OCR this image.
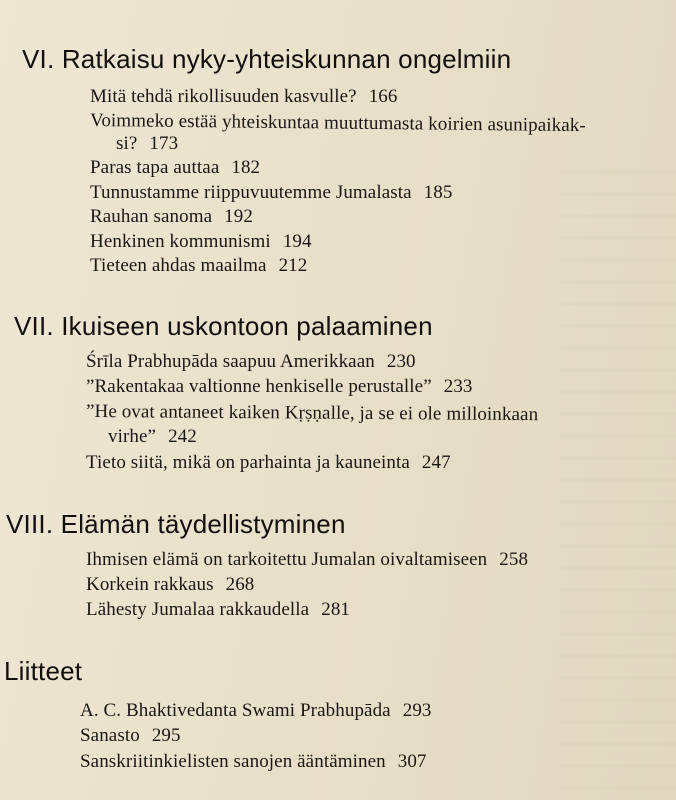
VI. Ratkaisu nyky-yhteiskunnan ongelmiin
Mitä tehdä rikollisuuden kasvulle? 166
Voimmeko estää yhteiskuntaa muuttumasta koirien asunipaikak-
si? 173
Paras tapa auttaa 182
Tunnustamme riippuvuutemme Jumalasta 185
Rauhan sanoma 192
Henkinen kommunismi 194
Tieteen ahdas maailma 212
VII. Ikuiseen uskontoon palaaminen
Śrīla Prabhupāda saapuu Amerikkaan 230
”Rakentakaa valtionne henkiselle perustalle” 233
”He ovat antaneet kaiken Kṛṣṇalle, ja se ei ole milloinkaan
virhe” 242
Tieto siitä, mikä on parhainta ja kauneinta 247
VIII. Elämän täydellistyminen
Ihmisen elämä on tarkoitettu Jumalan oivaltamiseen 258
Korkein rakkaus 268
Lähesty Jumalaa rakkaudella 281
Liitteet
A. C. Bhaktivedanta Swami Prabhupāda 293
Sanasto 295
Sanskriitinkielisten sanojen ääntäminen 307
